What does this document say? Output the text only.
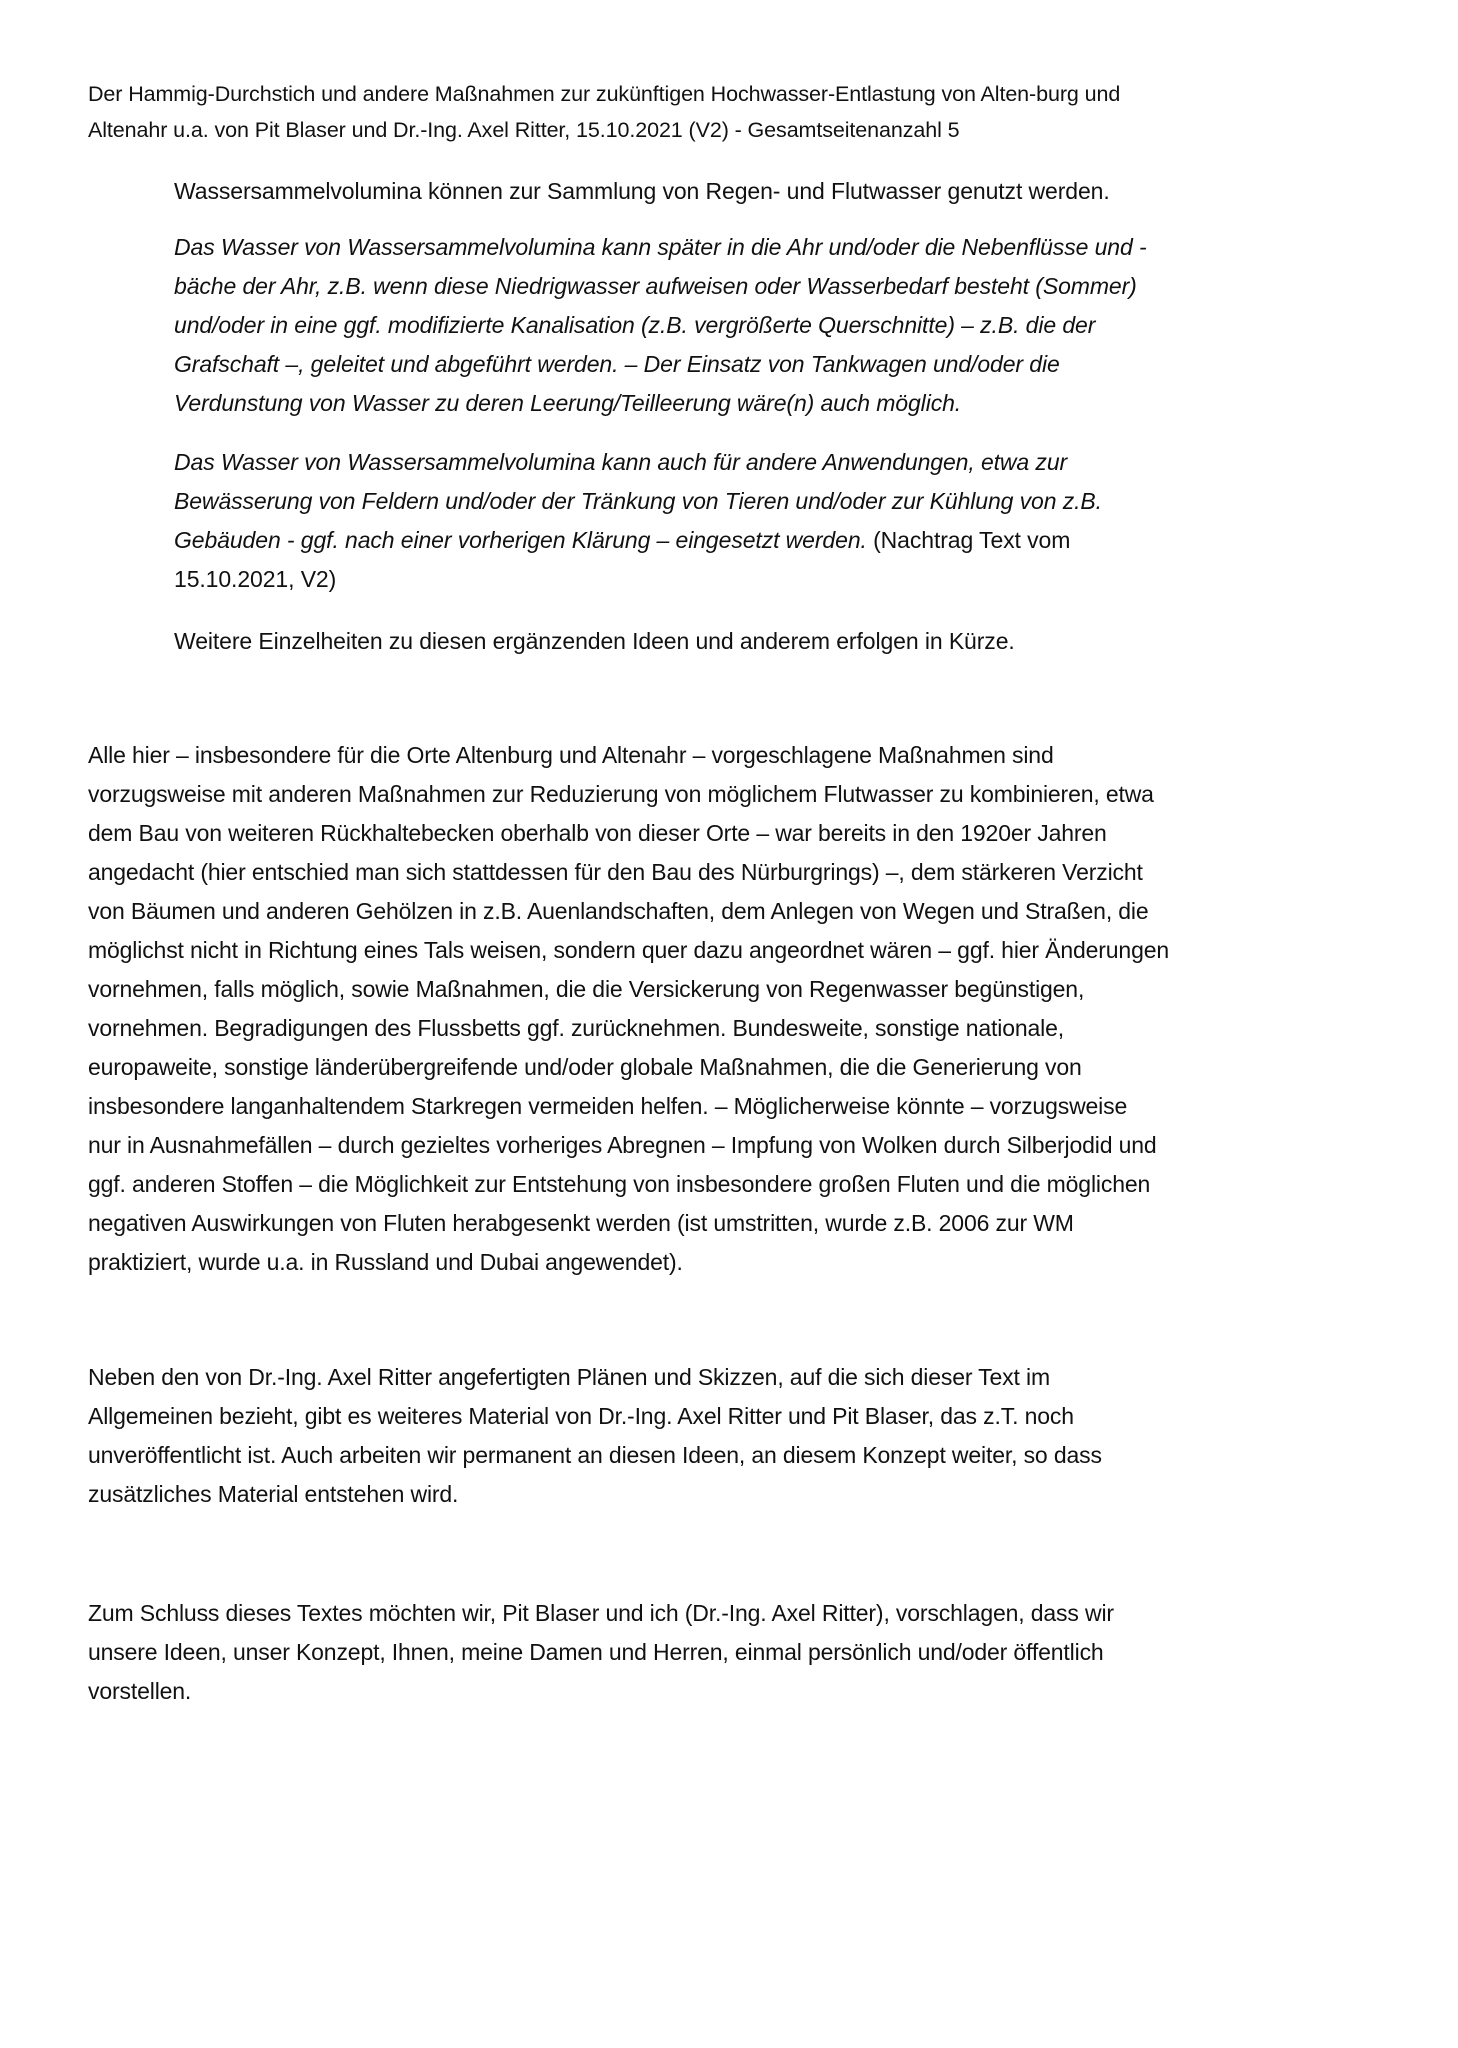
Der Hammig-Durchstich und andere Maßnahmen zur zukünftigen Hochwasser-Entlastung von Alten-burg und
Altenahr u.a. von Pit Blaser und Dr.-Ing. Axel Ritter, 15.10.2021 (V2) - Gesamtseitenanzahl 5
Wassersammelvolumina können zur Sammlung von Regen- und Flutwasser genutzt werden.
Das Wasser von Wassersammelvolumina kann später in die Ahr und/oder die Nebenflüsse und -
bäche der Ahr, z.B. wenn diese Niedrigwasser aufweisen oder Wasserbedarf besteht (Sommer)
und/oder in eine ggf. modifizierte Kanalisation (z.B. vergrößerte Querschnitte) – z.B. die der
Grafschaft –, geleitet und abgeführt werden. – Der Einsatz von Tankwagen und/oder die
Verdunstung von Wasser zu deren Leerung/Teilleerung wäre(n) auch möglich.
Das Wasser von Wassersammelvolumina kann auch für andere Anwendungen, etwa zur
Bewässerung von Feldern und/oder der Tränkung von Tieren und/oder zur Kühlung von z.B.
Gebäuden - ggf. nach einer vorherigen Klärung – eingesetzt werden. (Nachtrag Text vom
15.10.2021, V2)
Weitere Einzelheiten zu diesen ergänzenden Ideen und anderem erfolgen in Kürze.
Alle hier – insbesondere für die Orte Altenburg und Altenahr – vorgeschlagene Maßnahmen sind
vorzugsweise mit anderen Maßnahmen zur Reduzierung von möglichem Flutwasser zu kombinieren, etwa
dem Bau von weiteren Rückhaltebecken oberhalb von dieser Orte – war bereits in den 1920er Jahren
angedacht (hier entschied man sich stattdessen für den Bau des Nürburgrings) –, dem stärkeren Verzicht
von Bäumen und anderen Gehölzen in z.B. Auenlandschaften, dem Anlegen von Wegen und Straßen, die
möglichst nicht in Richtung eines Tals weisen, sondern quer dazu angeordnet wären – ggf. hier Änderungen
vornehmen, falls möglich, sowie Maßnahmen, die die Versickerung von Regenwasser begünstigen,
vornehmen. Begradigungen des Flussbetts ggf. zurücknehmen. Bundesweite, sonstige nationale,
europaweite, sonstige länderübergreifende und/oder globale Maßnahmen, die die Generierung von
insbesondere langanhaltendem Starkregen vermeiden helfen. – Möglicherweise könnte – vorzugsweise
nur in Ausnahmefällen – durch gezieltes vorheriges Abregnen – Impfung von Wolken durch Silberjodid und
ggf. anderen Stoffen – die Möglichkeit zur Entstehung von insbesondere großen Fluten und die möglichen
negativen Auswirkungen von Fluten herabgesenkt werden (ist umstritten, wurde z.B. 2006 zur WM
praktiziert, wurde u.a. in Russland und Dubai angewendet).
Neben den von Dr.-Ing. Axel Ritter angefertigten Plänen und Skizzen, auf die sich dieser Text im
Allgemeinen bezieht, gibt es weiteres Material von Dr.-Ing. Axel Ritter und Pit Blaser, das z.T. noch
unveröffentlicht ist. Auch arbeiten wir permanent an diesen Ideen, an diesem Konzept weiter, so dass
zusätzliches Material entstehen wird.
Zum Schluss dieses Textes möchten wir, Pit Blaser und ich (Dr.-Ing. Axel Ritter), vorschlagen, dass wir
unsere Ideen, unser Konzept, Ihnen, meine Damen und Herren, einmal persönlich und/oder öffentlich
vorstellen.
